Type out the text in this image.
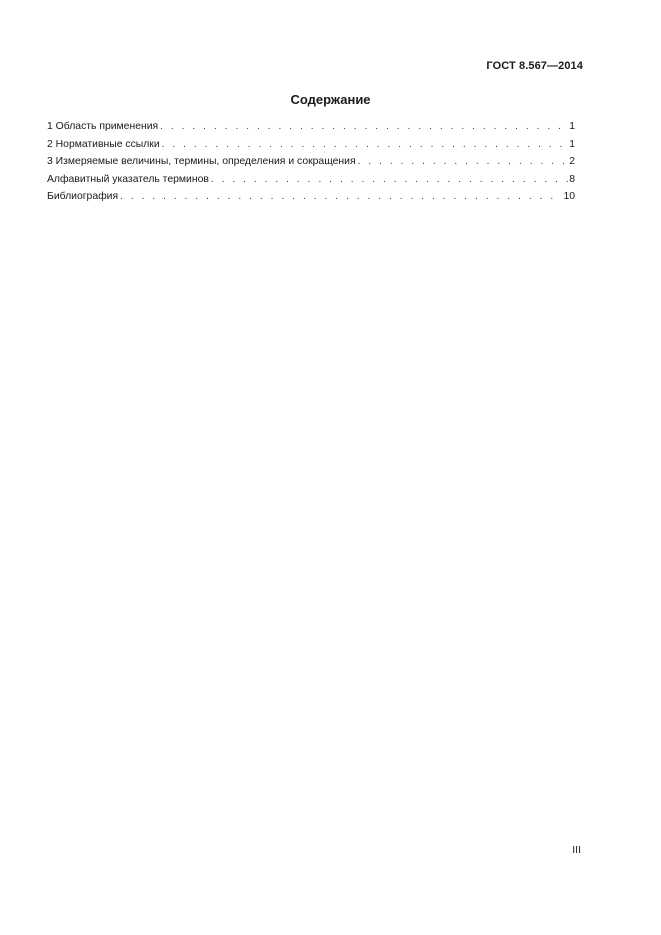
ГОСТ 8.567—2014
Содержание
1 Область применения . . .	1
2 Нормативные ссылки . . .	1
3 Измеряемые величины, термины, определения и сокращения . . .	2
Алфавитный указатель терминов . . .	8
Библиография . . .	10
III
